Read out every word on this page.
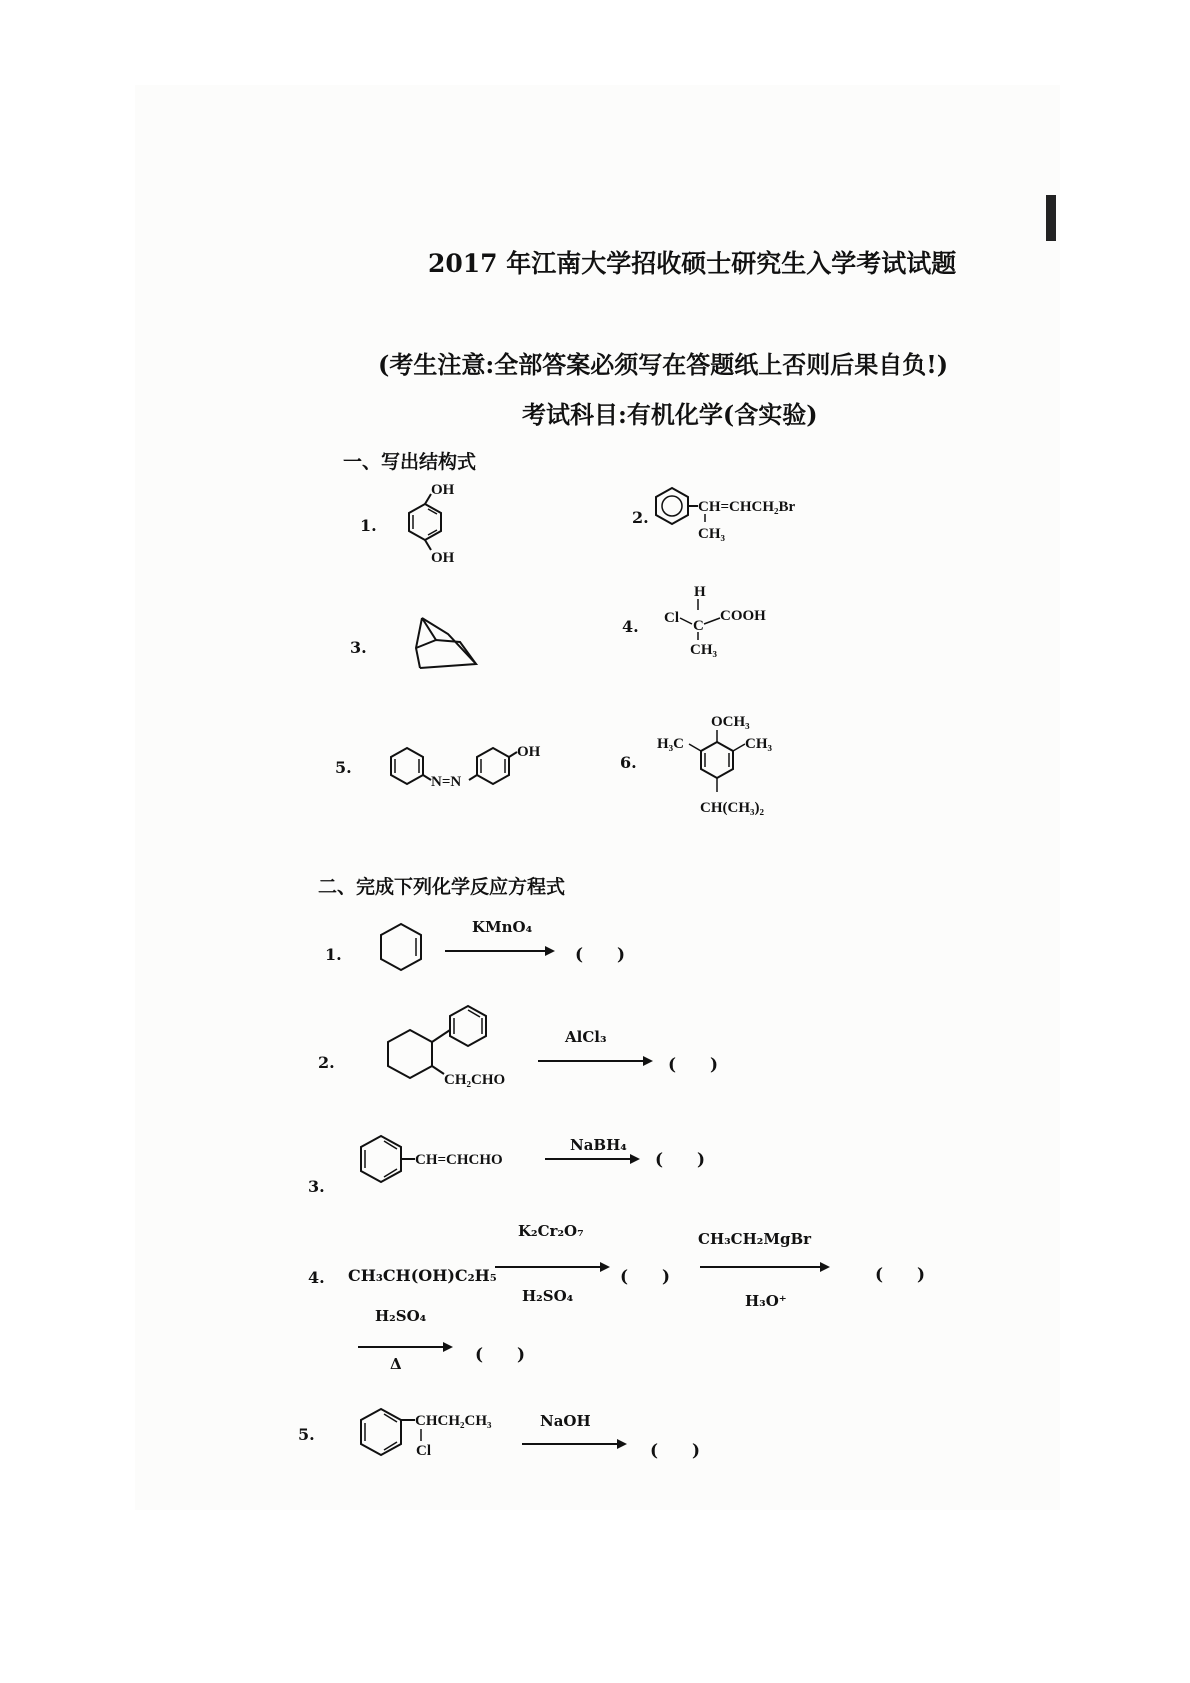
2017 年江南大学招收硕士研究生入学考试试题
(考生注意:全部答案必须写在答题纸上否则后果自负!)
考试科目:有机化学(含实验)
一、写出结构式
1.
OH
OH
2.
CH=CHCH₂Br
CH₃
3.
4.
H
Cl C
COOH
CH₃
5.
N=N
OH
6.
OCH₃
H₃C	CH₃
CH(CH₃)₂
二、完成下列化学反应方程式
1.
KMnO₄
(　　)
2.
CH₂CHO
AlCl₃
(　　)
3.
CH=CHCHO
NaBH₄
(　　)
4. CH₃CH(OH)C₂H₅
K₂Cr₂O₇
H₂SO₄
(　　)
CH₃CH₂MgBr
H₃O⁺
(　　)
H₂SO₄
Δ	(　　)
5.
CHCH₂CH₃
Cl
NaOH
(　　)
